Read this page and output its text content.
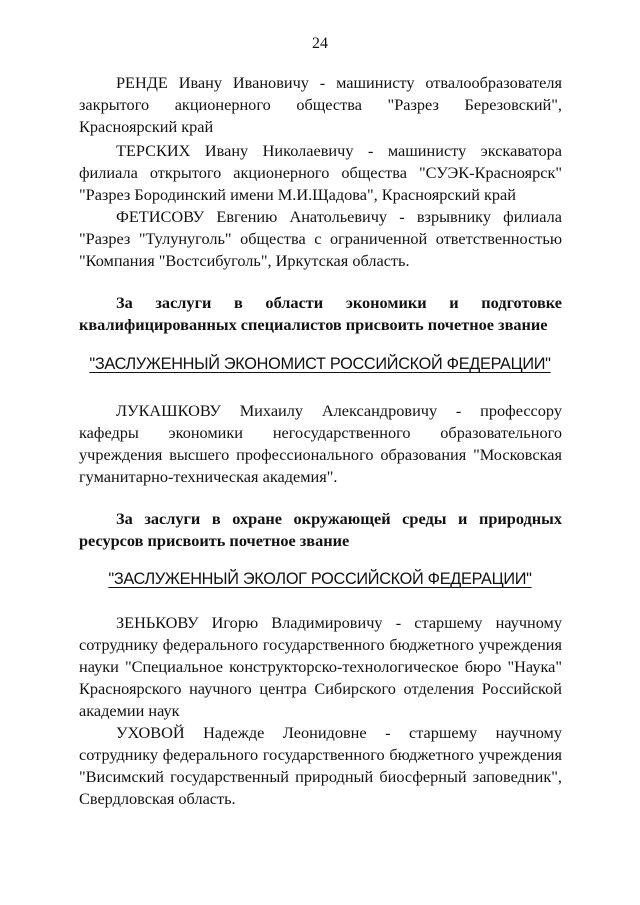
24

РЕНДЕ Ивану Ивановичу - машинисту отвалообразователя закрытого акционерного общества "Разрез Березовский", Красноярский край

ТЕРСКИХ Ивану Николаевичу - машинисту экскаватора филиала открытого акционерного общества "СУЭК-Красноярск" "Разрез Бородинский имени М.И.Щадова", Красноярский край

ФЕТИСОВУ Евгению Анатольевичу - взрывнику филиала "Разрез "Тулунуголь" общества с ограниченной ответственностью "Компания "Востсибуголь", Иркутская область.

За заслуги в области экономики и подготовке квалифицированных специалистов присвоить почетное звание

"ЗАСЛУЖЕННЫЙ ЭКОНОМИСТ РОССИЙСКОЙ ФЕДЕРАЦИИ"

ЛУКАШКОВУ Михаилу Александровичу - профессору кафедры экономики негосударственного образовательного учреждения высшего профессионального образования "Московская гуманитарно-техническая академия".

За заслуги в охране окружающей среды и природных ресурсов присвоить почетное звание

"ЗАСЛУЖЕННЫЙ ЭКОЛОГ РОССИЙСКОЙ ФЕДЕРАЦИИ"

ЗЕНЬКОВУ Игорю Владимировичу - старшему научному сотруднику федерального государственного бюджетного учреждения науки "Специальное конструкторско-технологическое бюро "Наука" Красноярского научного центра Сибирского отделения Российской академии наук

УХОВОЙ Надежде Леонидовне - старшему научному сотруднику федерального государственного бюджетного учреждения "Висимский государственный природный биосферный заповедник", Свердловская область.
